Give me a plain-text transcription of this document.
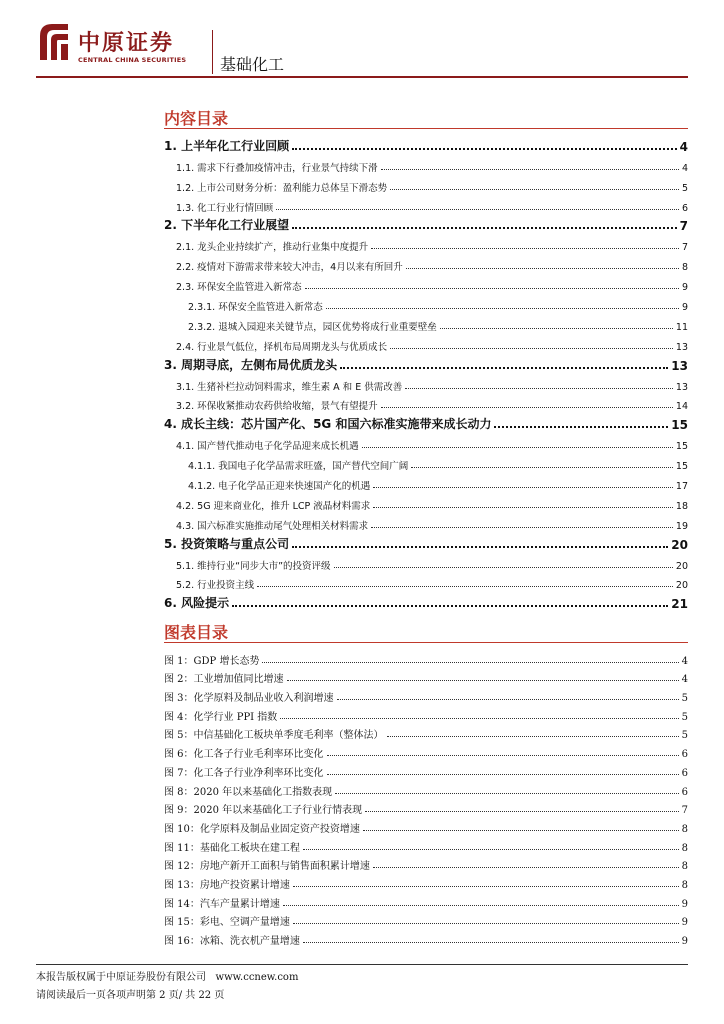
中原证券
CENTRAL CHINA SECURITIES 基础化工
内容目录
1. 上半年化工行业回顾	4
1.1. 需求下行叠加疫情冲击，行业景气持续下滑	4
1.2. 上市公司财务分析：盈利能力总体呈下滑态势	5
1.3. 化工行业行情回顾	6
2. 下半年化工行业展望	7
2.1. 龙头企业持续扩产，推动行业集中度提升	7
2.2. 疫情对下游需求带来较大冲击，4月以来有所回升	8
2.3. 环保安全监管进入新常态	9
2.3.1. 环保安全监管进入新常态	9
2.3.2. 退城入园迎来关键节点，园区优势将成行业重要壁垒	11
2.4. 行业景气低位，择机布局周期龙头与优质成长	13
3. 周期寻底，左侧布局优质龙头	13
3.1. 生猪补栏拉动饲料需求，维生素 A 和 E 供需改善	13
3.2. 环保收紧推动农药供给收缩，景气有望提升	14
4. 成长主线：芯片国产化、5G 和国六标准实施带来成长动力	15
4.1. 国产替代推动电子化学品迎来成长机遇	15
4.1.1. 我国电子化学品需求旺盛，国产替代空间广阔	15
4.1.2. 电子化学品正迎来快速国产化的机遇	17
4.2. 5G 迎来商业化，推升 LCP 液晶材料需求	18
4.3. 国六标准实施推动尾气处理相关材料需求	19
5. 投资策略与重点公司	20
5.1. 维持行业“同步大市”的投资评级	20
5.2. 行业投资主线	20
6. 风险提示	21
图表目录
图 1：GDP 增长态势	4
图 2：工业增加值同比增速	4
图 3：化学原料及制品业收入利润增速	5
图 4：化学行业 PPI 指数	5
图 5：中信基础化工板块单季度毛利率（整体法）	5
图 6：化工各子行业毛利率环比变化	6
图 7：化工各子行业净利率环比变化	6
图 8：2020 年以来基础化工指数表现	6
图 9：2020 年以来基础化工子行业行情表现	7
图 10：化学原料及制品业固定资产投资增速	8
图 11：基础化工板块在建工程	8
图 12：房地产新开工面积与销售面积累计增速	8
图 13：房地产投资累计增速	8
图 14：汽车产量累计增速	9
图 15：彩电、空调产量增速	9
图 16：冰箱、洗衣机产量增速	9
本报告版权属于中原证券股份有限公司 www.ccnew.com
请阅读最后一页各项声明第 2 页/ 共 22 页
